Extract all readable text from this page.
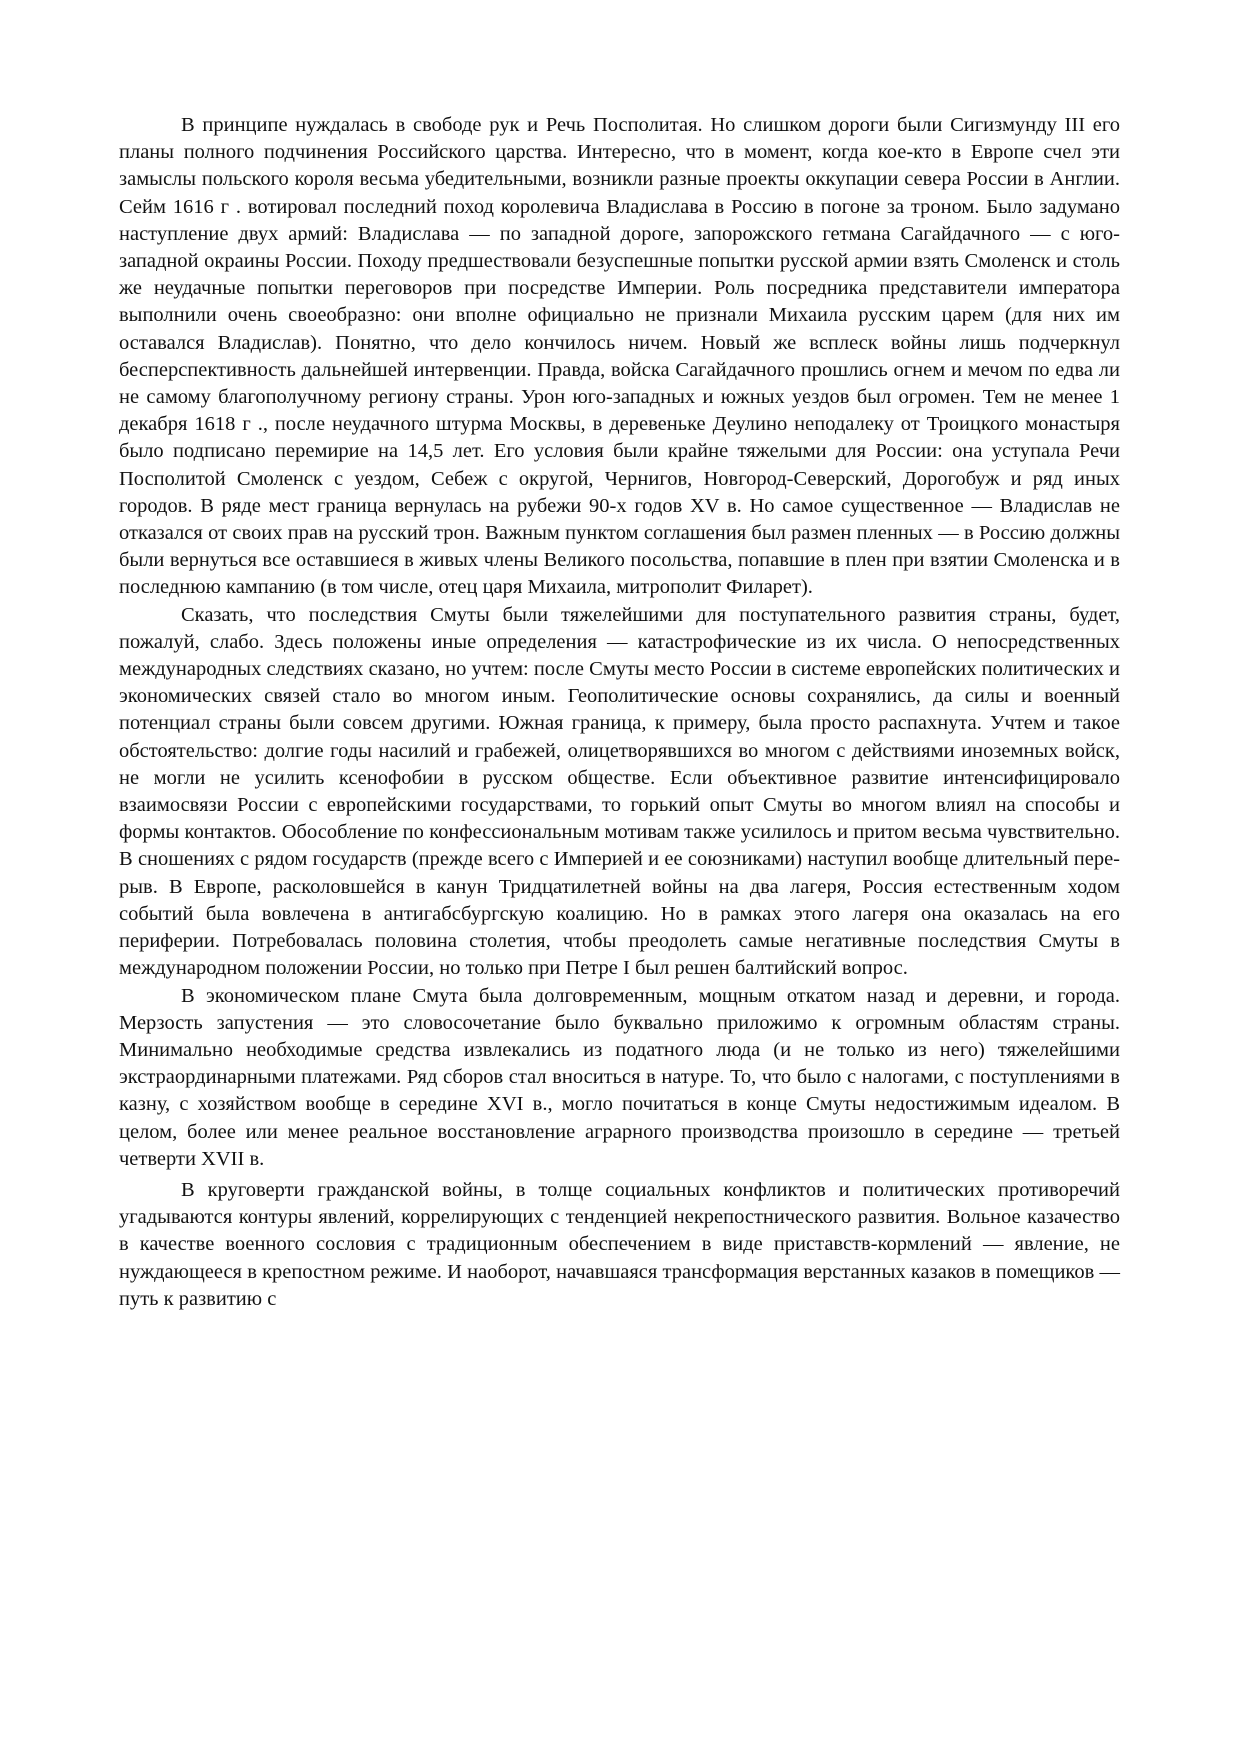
В принципе нуждалась в свободе рук и Речь Посполитая. Но слишком дороги были Сигизмунду III его планы полного подчинения Российского царства. Интересно, что в момент, когда кое-кто в Европе счел эти замыслы польского короля весьма убедительными, возникли разные проекты оккупации севера России в Англии. Сейм 1616 г . вотировал последний поход королевича Владислава в Россию в погоне за троном. Было задумано наступление двух армий: Владислава — по западной дороге, запорожского гетмана Сагайдачного — с юго-западной окраины России. Походу предшествовали безуспешные попытки русской армии взять Смоленск и столь же неудачные попытки переговоров при посредстве Империи. Роль посредника представители императора выполнили очень своеобразно: они вполне официально не признали Михаила русским царем (для них им оставался Владислав). Понятно, что дело кончилось ничем. Новый же всплеск войны лишь подчеркнул бесперспективность дальнейшей интервенции. Правда, войска Сагайдачного прошлись огнем и мечом по едва ли не самому благополучному региону страны. Урон юго-западных и южных уездов был огромен. Тем не менее 1 декабря 1618 г ., после неудачного штурма Москвы, в деревеньке Деулино неподалеку от Троицкого монастыря было подписано перемирие на 14,5 лет. Его условия были крайне тяжелыми для России: она уступала Речи Посполитой Смоленск с уездом, Себеж с округой, Чернигов, Новгород-Северский, Дорогобуж и ряд иных городов. В ряде мест граница вернулась на рубежи 90-х годов XV в. Но самое существенное — Владислав не отказался от своих прав на русский трон. Важным пунктом соглашения был размен пленных — в Россию должны были вернуться все оставшиеся в живых члены Великого посольства, попавшие в плен при взятии Смоленска и в последнюю кампанию (в том числе, отец царя Михаила, митрополит Филарет).

Сказать, что последствия Смуты были тяжелейшими для поступательного развития страны, будет, пожалуй, слабо. Здесь положены иные определения — катастрофические из их числа. О непосредственных международных следствиях сказано, но учтем: после Смуты место России в системе европейских политических и экономических связей стало во многом иным. Геополитические основы сохранялись, да силы и военный потенциал страны были совсем другими. Южная граница, к примеру, была просто распахнута. Учтем и такое обстоятельство: долгие годы насилий и грабежей, олицетворявшихся во многом с действиями иноземных войск, не могли не усилить ксенофобии в русском обществе. Если объективное развитие интенсифицировало взаимосвязи России с европейскими государствами, то горький опыт Смуты во многом влиял на способы и формы контактов. Обособление по конфессиональным мотивам также усилилось и притом весьма чувствительно. В сношениях с рядом государств (прежде всего с Империей и ее союзниками) наступил вообще длительный перерыв. В Европе, расколовшейся в канун Тридцатилетней войны на два лагеря, Россия естественным ходом событий была вовлечена в антигабсбургскую коалицию. Но в рамках этого лагеря она оказалась на его периферии. Потребовалась половина столетия, чтобы преодолеть самые негативные последствия Смуты в международном положении России, но только при Петре I был решен балтийский вопрос.

В экономическом плане Смута была долговременным, мощным откатом назад и деревни, и города. Мерзость запустения — это словосочетание было буквально приложимо к огромным областям страны. Минимально необходимые средства извлекались из податного люда (и не только из него) тяжелейшими экстраординарными платежами. Ряд сборов стал вноситься в натуре. То, что было с налогами, с поступлениями в казну, с хозяйством вообще в середине XVI в., могло почитаться в конце Смуты недостижимым идеалом. В целом, более или менее реальное восстановление аграрного производства произошло в середине — третьей четверти XVII в.

В круговерти гражданской войны, в толще социальных конфликтов и политических противоречий угадываются контуры явлений, коррелирующих с тенденцией некрепостнического развития. Вольное казачество в качестве военного сословия с традиционным обеспечением в виде приставств-кормлений — явление, не нуждающееся в крепостном режиме. И наоборот, начавшаяся трансформация верстанных казаков в помещиков — путь к развитию с
